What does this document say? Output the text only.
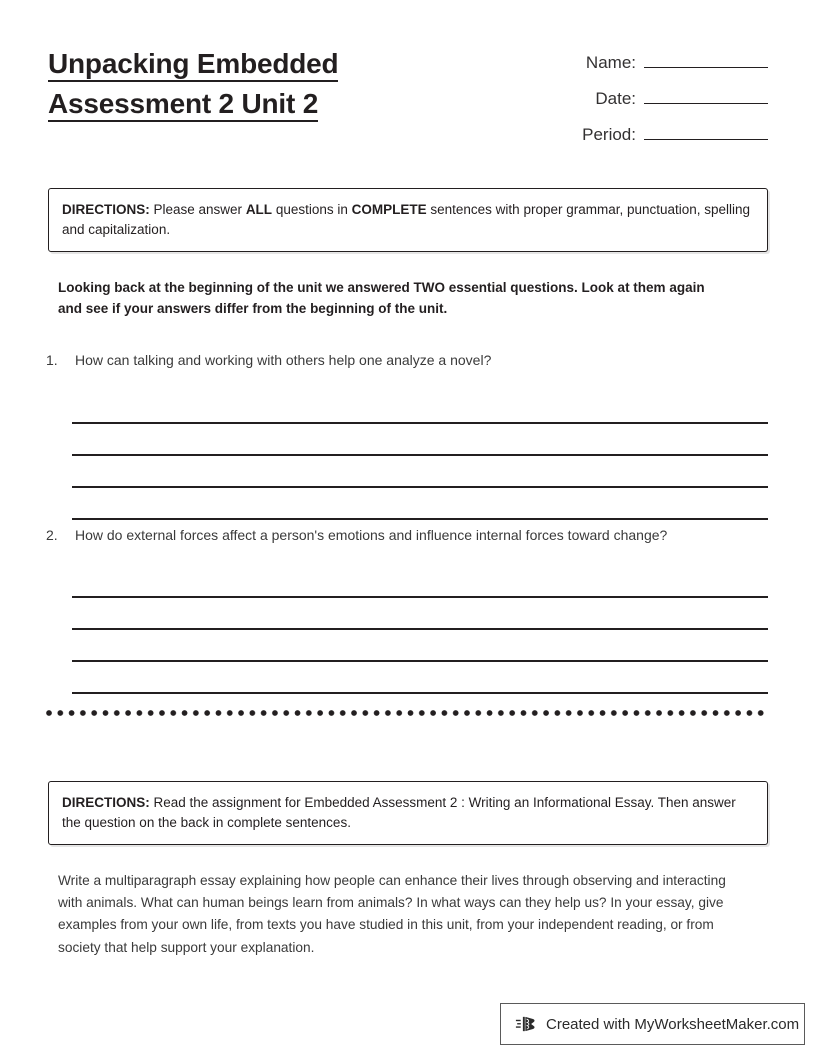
Unpacking Embedded
Assessment 2 Unit 2
Name:
Date:
Period:
DIRECTIONS: Please answer ALL questions in COMPLETE sentences with proper grammar, punctuation, spelling and capitalization.
Looking back at the beginning of the unit we answered TWO essential questions. Look at them again and see if your answers differ from the beginning of the unit.
1.	How can talking and working with others help one analyze a novel?
2.	How do external forces affect a person's emotions and influence internal forces toward change?
DIRECTIONS: Read the assignment for Embedded Assessment 2 : Writing an Informational Essay. Then answer the question on the back in complete sentences.
Write a multiparagraph essay explaining how people can enhance their lives through observing and interacting with animals. What can human beings learn from animals? In what ways can they help us? In your essay, give examples from your own life, from texts you have studied in this unit, from your independent reading, or from society that help support your explanation.
Created with MyWorksheetMaker.com
